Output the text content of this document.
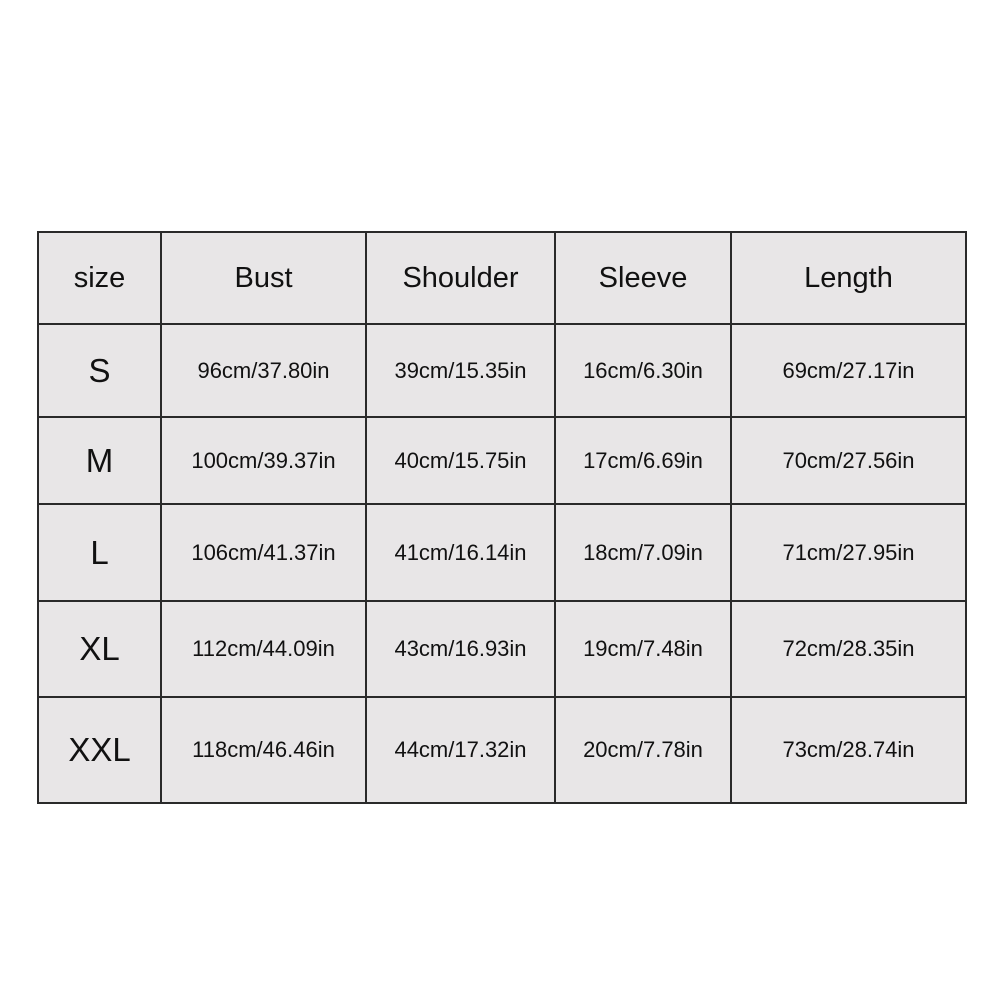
size	Bust	Shoulder	Sleeve	Length
S	96cm/37.80in	39cm/15.35in	16cm/6.30in	69cm/27.17in
M	100cm/39.37in	40cm/15.75in	17cm/6.69in	70cm/27.56in
L	106cm/41.37in	41cm/16.14in	18cm/7.09in	71cm/27.95in
XL	112cm/44.09in	43cm/16.93in	19cm/7.48in	72cm/28.35in
XXL	118cm/46.46in	44cm/17.32in	20cm/7.78in	73cm/28.74in
